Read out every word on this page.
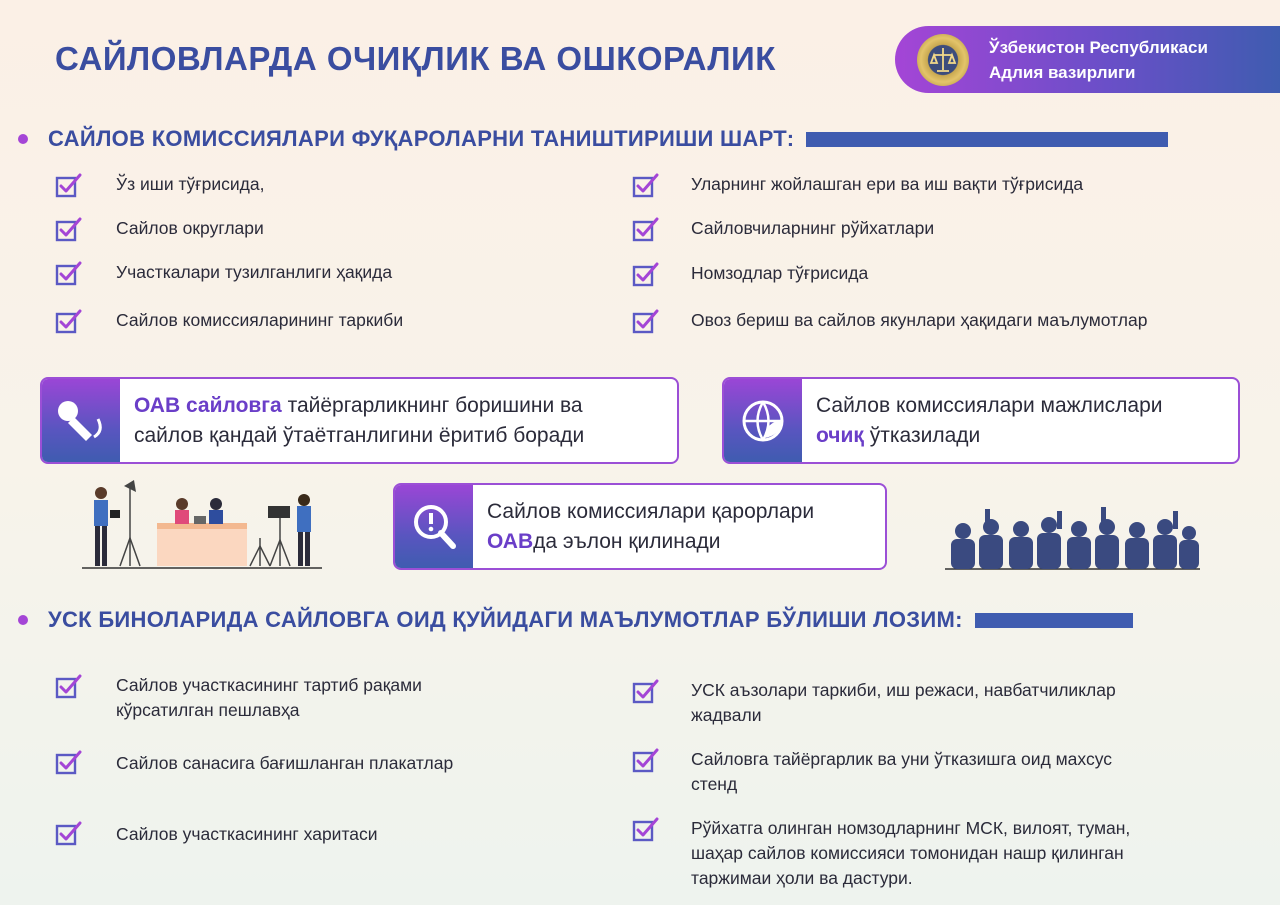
САЙЛОВЛАРДА ОЧИҚЛИК ВА ОШКОРАЛИК	Ўзбекистон Республикаси
Адлия вазирлиги
САЙЛОВ КОМИССИЯЛАРИ ФУҚАРОЛАРНИ ТАНИШТИРИШИ ШАРТ:
Ўз иши тўғрисида,
Сайлов округлари
Участкалари тузилганлиги ҳақида
Сайлов комиссияларининг таркиби
Уларнинг жойлашган ери ва иш вақти тўғрисида
Сайловчиларнинг рўйхатлари
Номзодлар тўғрисида
Овоз бериш ва сайлов якунлари ҳақидаги маълумотлар
ОАВ сайловга тайёргарликнинг боришини ва
сайлов қандай ўтаётганлигини ёритиб боради
Сайлов комиссиялари мажлислари
очиқ ўтказилади
Сайлов комиссиялари қарорлари
ОАВда эълон қилинади
УСК БИНОЛАРИДА САЙЛОВГА ОИД ҚУЙИДАГИ МАЪЛУМОТЛАР БЎЛИШИ ЛОЗИМ:
Сайлов участкасининг тартиб рақами
кўрсатилган пешлавҳа
Сайлов санасига бағишланган плакатлар
Сайлов участкасининг харитаси
УСК аъзолари таркиби, иш режаси, навбатчиликлар
жадвали
Сайловга тайёргарлик ва уни ўтказишга оид махсус
стенд
Рўйхатга олинган номзодларнинг МСК, вилоят, туман,
шаҳар сайлов комиссияси томонидан нашр қилинган
таржимаи ҳоли ва дастури.
